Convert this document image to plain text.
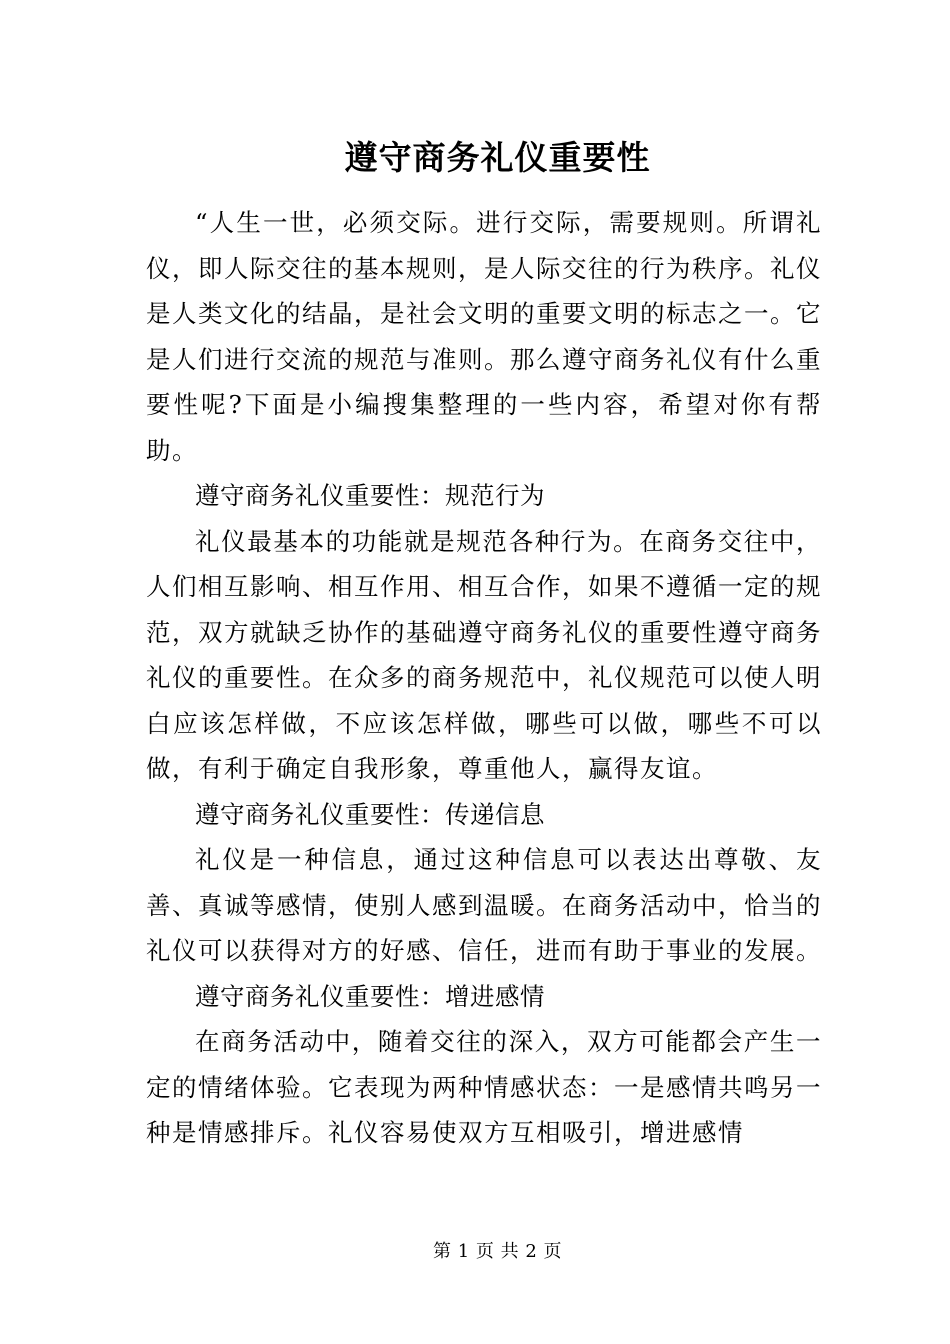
遵守商务礼仪重要性

“人生一世，必须交际。进行交际，需要规则。所谓礼仪，即人际交往的基本规则，是人际交往的行为秩序。礼仪是人类文化的结晶，是社会文明的重要文明的标志之一。它是人们进行交流的规范与准则。那么遵守商务礼仪有什么重要性呢?下面是小编搜集整理的一些内容，希望对你有帮助。

遵守商务礼仪重要性：规范行为

礼仪最基本的功能就是规范各种行为。在商务交往中，人们相互影响、相互作用、相互合作，如果不遵循一定的规范，双方就缺乏协作的基础遵守商务礼仪的重要性遵守商务礼仪的重要性。在众多的商务规范中，礼仪规范可以使人明白应该怎样做，不应该怎样做，哪些可以做，哪些不可以做，有利于确定自我形象，尊重他人，赢得友谊。

遵守商务礼仪重要性：传递信息

礼仪是一种信息，通过这种信息可以表达出尊敬、友善、真诚等感情，使别人感到温暖。在商务活动中，恰当的礼仪可以获得对方的好感、信任，进而有助于事业的发展。

遵守商务礼仪重要性：增进感情

在商务活动中，随着交往的深入，双方可能都会产生一定的情绪体验。它表现为两种情感状态：一是感情共鸣另一种是情感排斥。礼仪容易使双方互相吸引，增进感情

第 1 页 共 2 页
